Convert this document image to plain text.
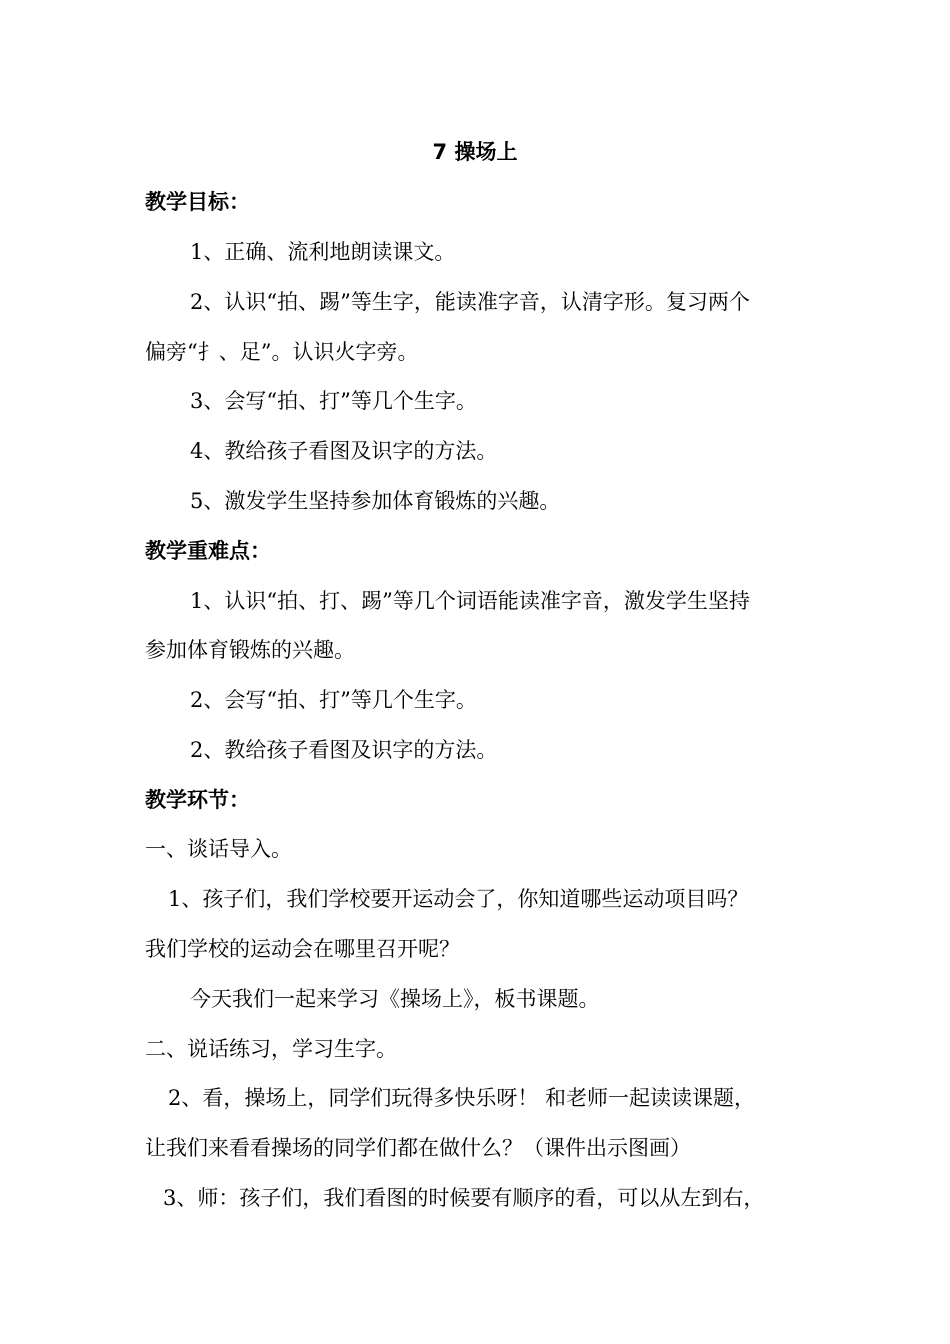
7 操场上
教学目标：
1、正确、流利地朗读课文。
2、认识“拍、踢”等生字，能读准字音，认清字形。复习两个
偏旁“扌、足”。认识火字旁。
3、会写“拍、打”等几个生字。
4、教给孩子看图及识字的方法。
5、激发学生坚持参加体育锻炼的兴趣。
教学重难点：
1、认识“拍、打、踢”等几个词语能读准字音，激发学生坚持
参加体育锻炼的兴趣。
2、会写“拍、打”等几个生字。
2、教给孩子看图及识字的方法。
教学环节：
一、谈话导入。
1、孩子们，我们学校要开运动会了，你知道哪些运动项目吗？
我们学校的运动会在哪里召开呢？
今天我们一起来学习《操场上》，板书课题。
二、说话练习，学习生字。
2、看，操场上，同学们玩得多快乐呀！ 和老师一起读读课题，
让我们来看看操场的同学们都在做什么？（课件出示图画）
3、师：孩子们，我们看图的时候要有顺序的看，可以从左到右，
